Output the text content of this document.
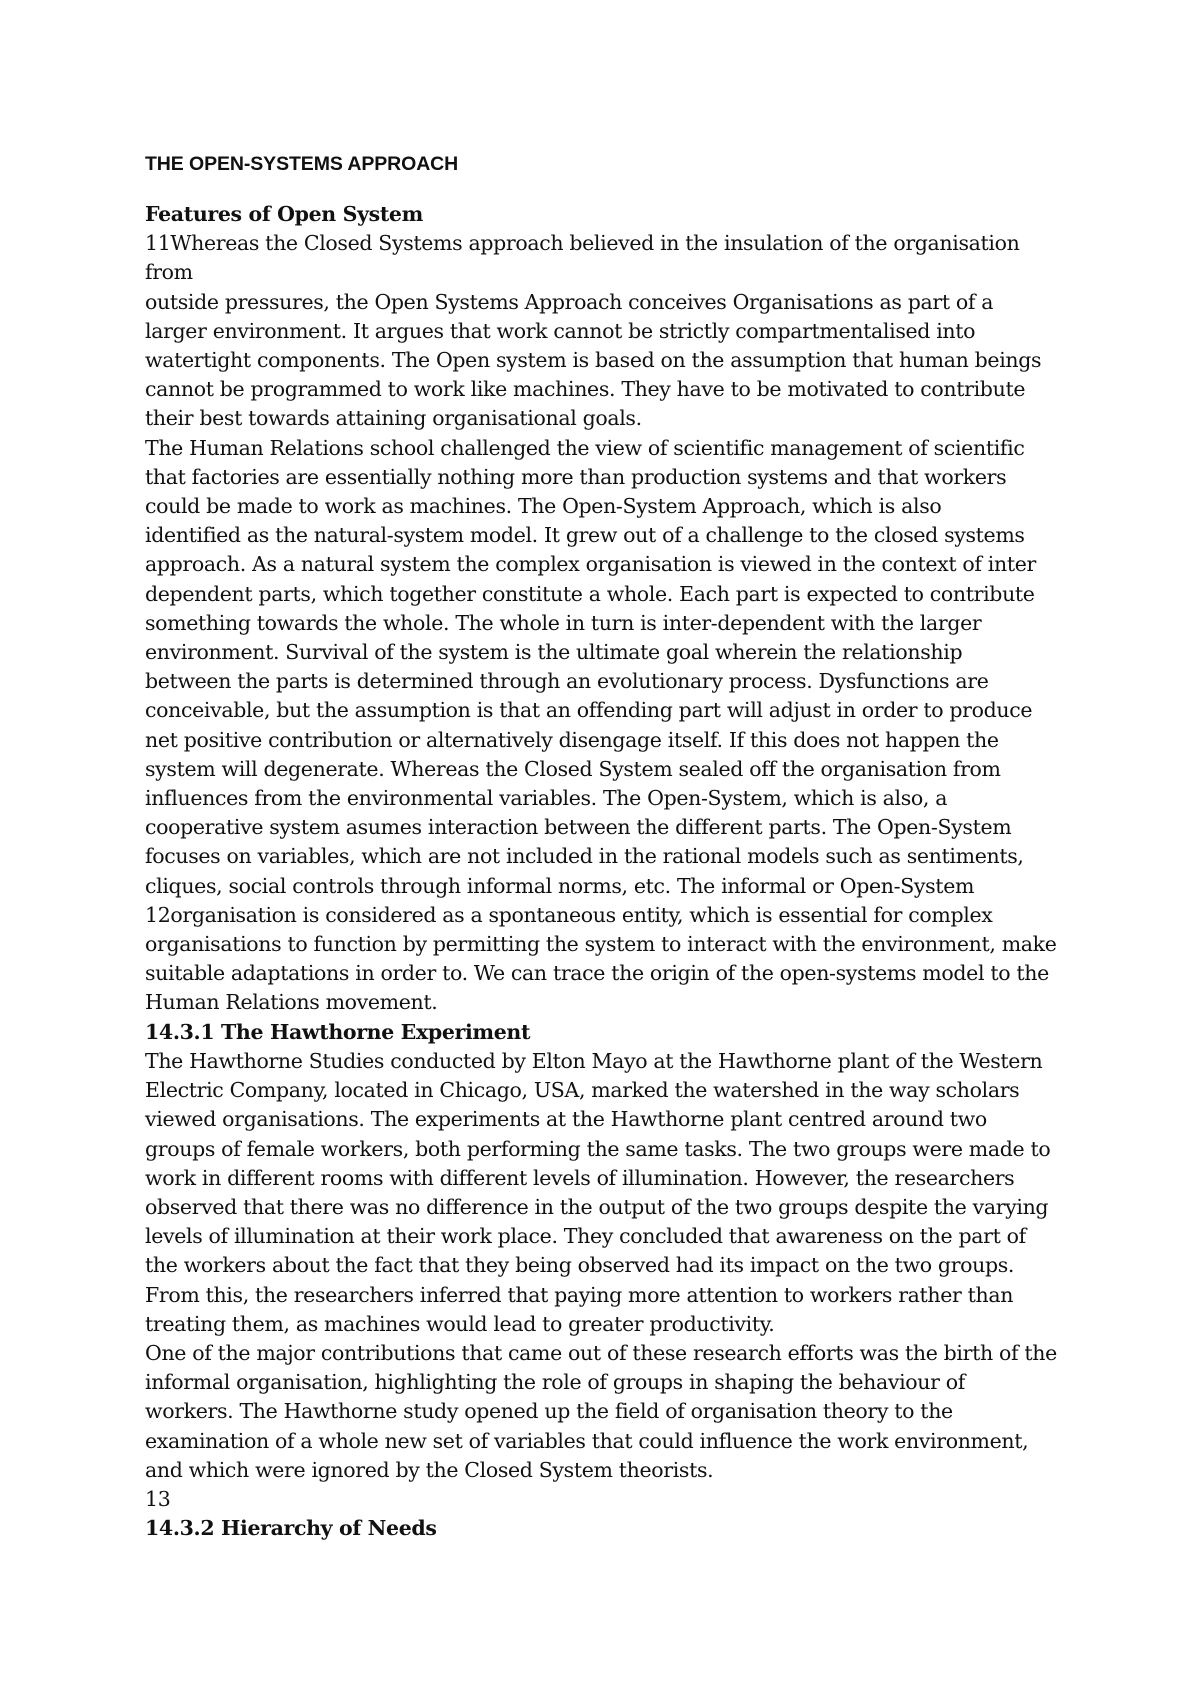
THE OPEN-SYSTEMS APPROACH
Features of Open System
11Whereas the Closed Systems approach believed in the insulation of the organisation
from
outside pressures, the Open Systems Approach conceives Organisations as part of a
larger environment. It argues that work cannot be strictly compartmentalised into
watertight components. The Open system is based on the assumption that human beings
cannot be programmed to work like machines. They have to be motivated to contribute
their best towards attaining organisational goals.
The Human Relations school challenged the view of scientific management of scientific
that factories are essentially nothing more than production systems and that workers
could be made to work as machines. The Open-System Approach, which is also
identified as the natural-system model. It grew out of a challenge to the closed systems
approach. As a natural system the complex organisation is viewed in the context of inter
dependent parts, which together constitute a whole. Each part is expected to contribute
something towards the whole. The whole in turn is inter-dependent with the larger
environment. Survival of the system is the ultimate goal wherein the relationship
between the parts is determined through an evolutionary process. Dysfunctions are
conceivable, but the assumption is that an offending part will adjust in order to produce
net positive contribution or alternatively disengage itself. If this does not happen the
system will degenerate. Whereas the Closed System sealed off the organisation from
influences from the environmental variables. The Open-System, which is also, a
cooperative system asumes interaction between the different parts. The Open-System
focuses on variables, which are not included in the rational models such as sentiments,
cliques, social controls through informal norms, etc. The informal or Open-System
12organisation is considered as a spontaneous entity, which is essential for complex
organisations to function by permitting the system to interact with the environment, make
suitable adaptations in order to. We can trace the origin of the open-systems model to the
Human Relations movement.
14.3.1 The Hawthorne Experiment
The Hawthorne Studies conducted by Elton Mayo at the Hawthorne plant of the Western
Electric Company, located in Chicago, USA, marked the watershed in the way scholars
viewed organisations. The experiments at the Hawthorne plant centred around two
groups of female workers, both performing the same tasks. The two groups were made to
work in different rooms with different levels of illumination. However, the researchers
observed that there was no difference in the output of the two groups despite the varying
levels of illumination at their work place. They concluded that awareness on the part of
the workers about the fact that they being observed had its impact on the two groups.
From this, the researchers inferred that paying more attention to workers rather than
treating them, as machines would lead to greater productivity.
One of the major contributions that came out of these research efforts was the birth of the
informal organisation, highlighting the role of groups in shaping the behaviour of
workers. The Hawthorne study opened up the field of organisation theory to the
examination of a whole new set of variables that could influence the work environment,
and which were ignored by the Closed System theorists.
13
14.3.2 Hierarchy of Needs
